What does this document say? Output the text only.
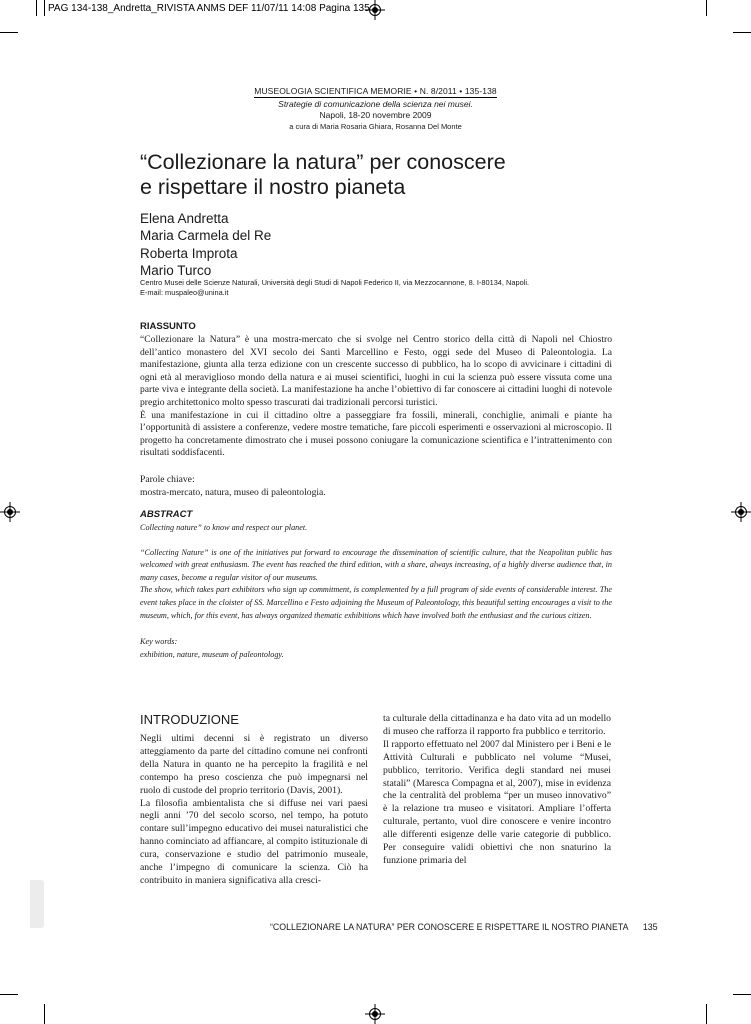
PAG 134-138_Andretta_RIVISTA ANMS DEF 11/07/11 14:08 Pagina 135
MUSEOLOGIA SCIENTIFICA MEMORIE • N. 8/2011 • 135-138
Strategie di comunicazione della scienza nei musei.
Napoli, 18-20 novembre 2009
a cura di Maria Rosaria Ghiara, Rosanna Del Monte
“Collezionare la natura” per conoscere
e rispettare il nostro pianeta
Elena Andretta
Maria Carmela del Re
Roberta Improta
Mario Turco
Centro Musei delle Scienze Naturali, Università degli Studi di Napoli Federico II, via Mezzocannone, 8. I-80134, Napoli.
E-mail: muspaleo@unina.it
RIASSUNTO
“Collezionare la Natura” è una mostra-mercato che si svolge nel Centro storico della città di Napoli nel Chiostro dell’antico monastero del XVI secolo dei Santi Marcellino e Festo, oggi sede del Museo di Paleontologia. La manifestazione, giunta alla terza edizione con un crescente successo di pubblico, ha lo scopo di avvicinare i cittadini di ogni età al meraviglioso mondo della natura e ai musei scientifici, luoghi in cui la scienza può essere vissuta come una parte viva e integrante della società. La manifestazione ha anche l’obiettivo di far conoscere ai cittadini luoghi di notevole pregio architettonico molto spesso trascurati dai tradizionali percorsi turistici.
È una manifestazione in cui il cittadino oltre a passeggiare fra fossili, minerali, conchiglie, animali e piante ha l’opportunità di assistere a conferenze, vedere mostre tematiche, fare piccoli esperimenti e osservazioni al microscopio. Il progetto ha concretamente dimostrato che i musei possono coniugare la comunicazione scientifica e l’intrattenimento con risultati soddisfacenti.
Parole chiave:
mostra-mercato, natura, museo di paleontologia.
ABSTRACT
Collecting nature” to know and respect our planet.
“Collecting Nature” is one of the initiatives put forward to encourage the dissemination of scientific culture, that the Neapolitan public has welcomed with great enthusiasm. The event has reached the third edition, with a share, always increasing, of a highly diverse audience that, in many cases, become a regular visitor of our museums.
The show, which takes part exhibitors who sign up commitment, is complemented by a full program of side events of considerable interest. The event takes place in the cloister of SS. Marcellino e Festo adjoining the Museum of Paleontology, this beautiful setting encourages a visit to the museum, which, for this event, has always organized thematic exhibitions which have involved both the enthusiast and the curious citizen.
Key words:
exhibition, nature, museum of paleontology.
INTRODUZIONE
Negli ultimi decenni si è registrato un diverso atteggiamento da parte del cittadino comune nei confronti della Natura in quanto ne ha percepito la fragilità e nel contempo ha preso coscienza che può impegnarsi nel ruolo di custode del proprio territorio (Davis, 2001).
La filosofia ambientalista che si diffuse nei vari paesi negli anni ’70 del secolo scorso, nel tempo, ha potuto contare sull’impegno educativo dei musei naturalistici che hanno cominciato ad affiancare, al compito istituzionale di cura, conservazione e studio del patrimonio museale, anche l’impegno di comunicare la scienza. Ciò ha contribuito in maniera significativa alla cresci-
ta culturale della cittadinanza e ha dato vita ad un modello di museo che rafforza il rapporto fra pubblico e territorio.
Il rapporto effettuato nel 2007 dal Ministero per i Beni e le Attività Culturali e pubblicato nel volume “Musei, pubblico, territorio. Verifica degli standard nei musei statali” (Maresca Compagna et al, 2007), mise in evidenza che la centralità del problema “per un museo innovativo” è la relazione tra museo e visitatori. Ampliare l’offerta culturale, pertanto, vuol dire conoscere e venire incontro alle differenti esigenze delle varie categorie di pubblico. Per conseguire validi obiettivi che non snaturino la funzione primaria del
“COLLEZIONARE LA NATURA” PER CONOSCERE E RISPETTARE IL NOSTRO PIANETA 135
